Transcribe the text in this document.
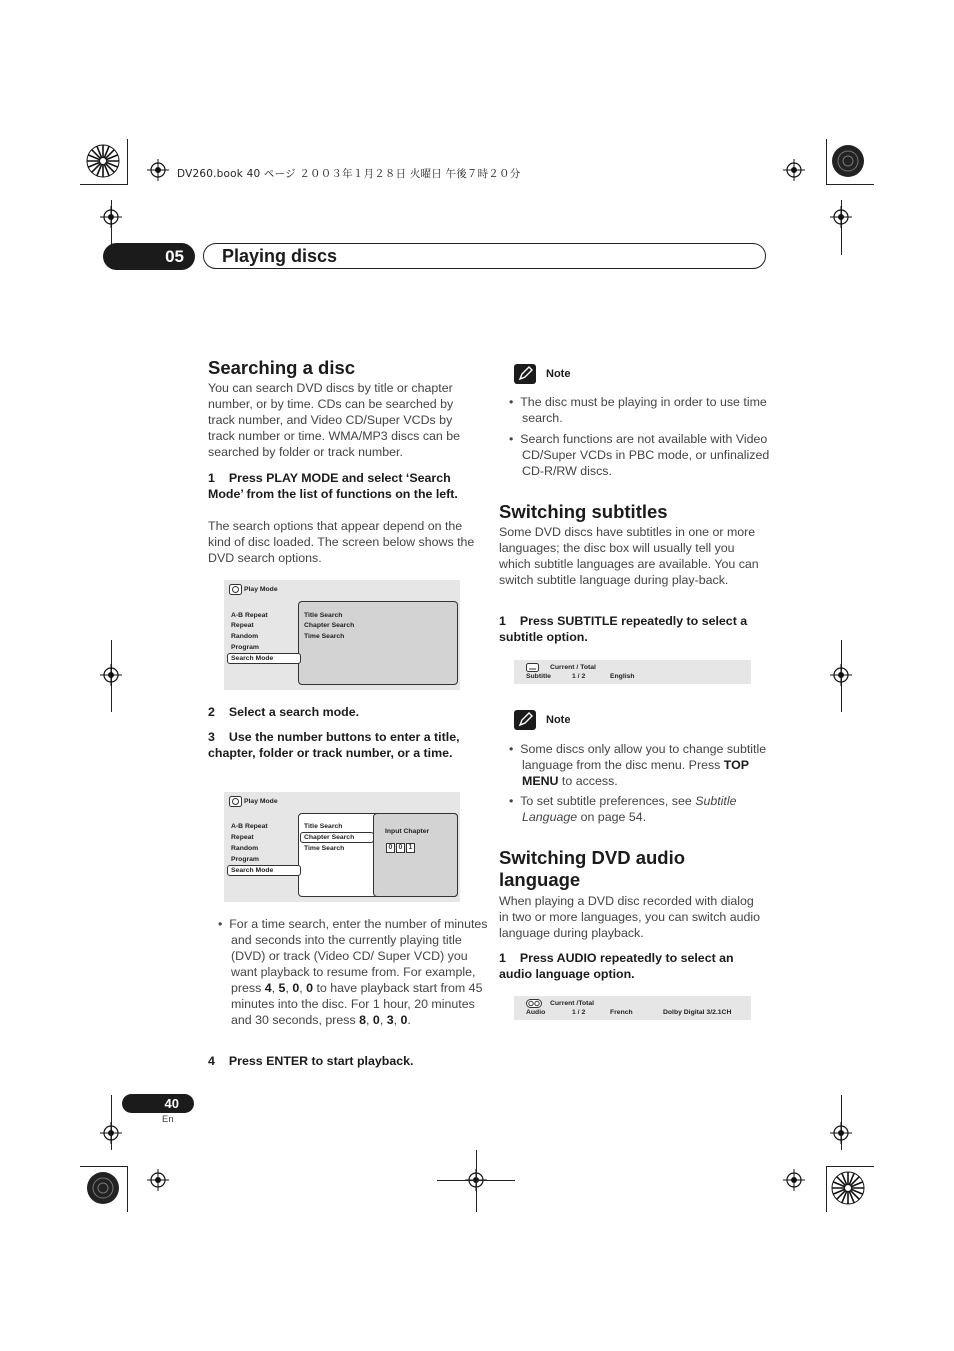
DV260.book 40 ページ ２００３年１月２８日 火曜日 午後７時２０分
05	Playing discs
Searching a disc

You can search DVD discs by title or chapter number, or by time. CDs can be searched by track number, and Video CD/Super VCDs by track number or time. WMA/MP3 discs can be searched by folder or track number.

1 Press PLAY MODE and select ‘Search Mode’ from the list of functions on the left.

The search options that appear depend on the kind of disc loaded. The screen below shows the DVD search options.

Play Mode
A-B Repeat
Repeat
Random
Program
Search Mode
Title Search
Chapter Search
Time Search

2 Select a search mode.

3 Use the number buttons to enter a title, chapter, folder or track number, or a time.

Play Mode
A-B Repeat
Repeat
Random
Program
Search Mode
Title Search
Chapter Search
Time Search
Input Chapter
0 0 1

•  For a time search, enter the number of minutes and seconds into the currently playing title (DVD) or track (Video CD/ Super VCD) you want playback to resume from. For example, press 4, 5, 0, 0 to have playback start from 45 minutes into the disc. For 1 hour, 20 minutes and 30 seconds, press 8, 0, 3, 0.

4 Press ENTER to start playback.

Note

•  The disc must be playing in order to use time search.

•  Search functions are not available with Video CD/Super VCDs in PBC mode, or unfinalized CD-R/RW discs.

Switching subtitles

Some DVD discs have subtitles in one or more languages; the disc box will usually tell you which subtitle languages are available. You can switch subtitle language during play-back.

1 Press SUBTITLE repeatedly to select a subtitle option.

Current / Total
Subtitle	1 / 2	English
Note

•  Some discs only allow you to change subtitle language from the disc menu. Press TOP MENU to access.

•  To set subtitle preferences, see Subtitle Language on page 54.

Switching DVD audio language

When playing a DVD disc recorded with dialog in two or more languages, you can switch audio language during playback.

1 Press AUDIO repeatedly to select an audio language option.

Current /Total
Audio	1 / 2	French	Dolby Digital 3/2.1CH
40
En
